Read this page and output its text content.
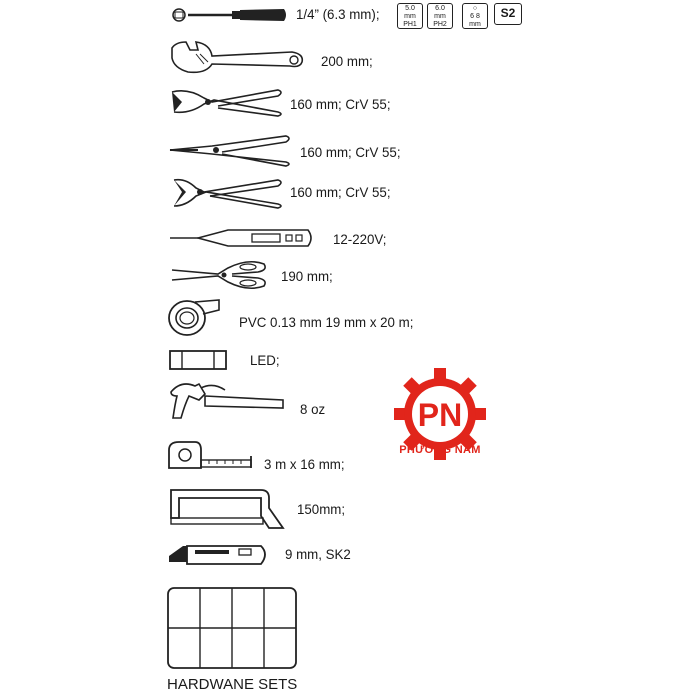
1/4” (6.3 mm);	5.0
mm
PH1
6.0
mm
PH2
○
6 8
mm
S2
200 mm;
160 mm; CrV 55;
160 mm; CrV 55;
160 mm; CrV 55;
12-220V;
190 mm;
PVC 0.13 mm 19 mm x 20 m;
LED;
8 oz
3 m x 16 mm;
150mm;
9 mm, SK2
HARDWANE SETS
PN
PHƯƠNG NAM
